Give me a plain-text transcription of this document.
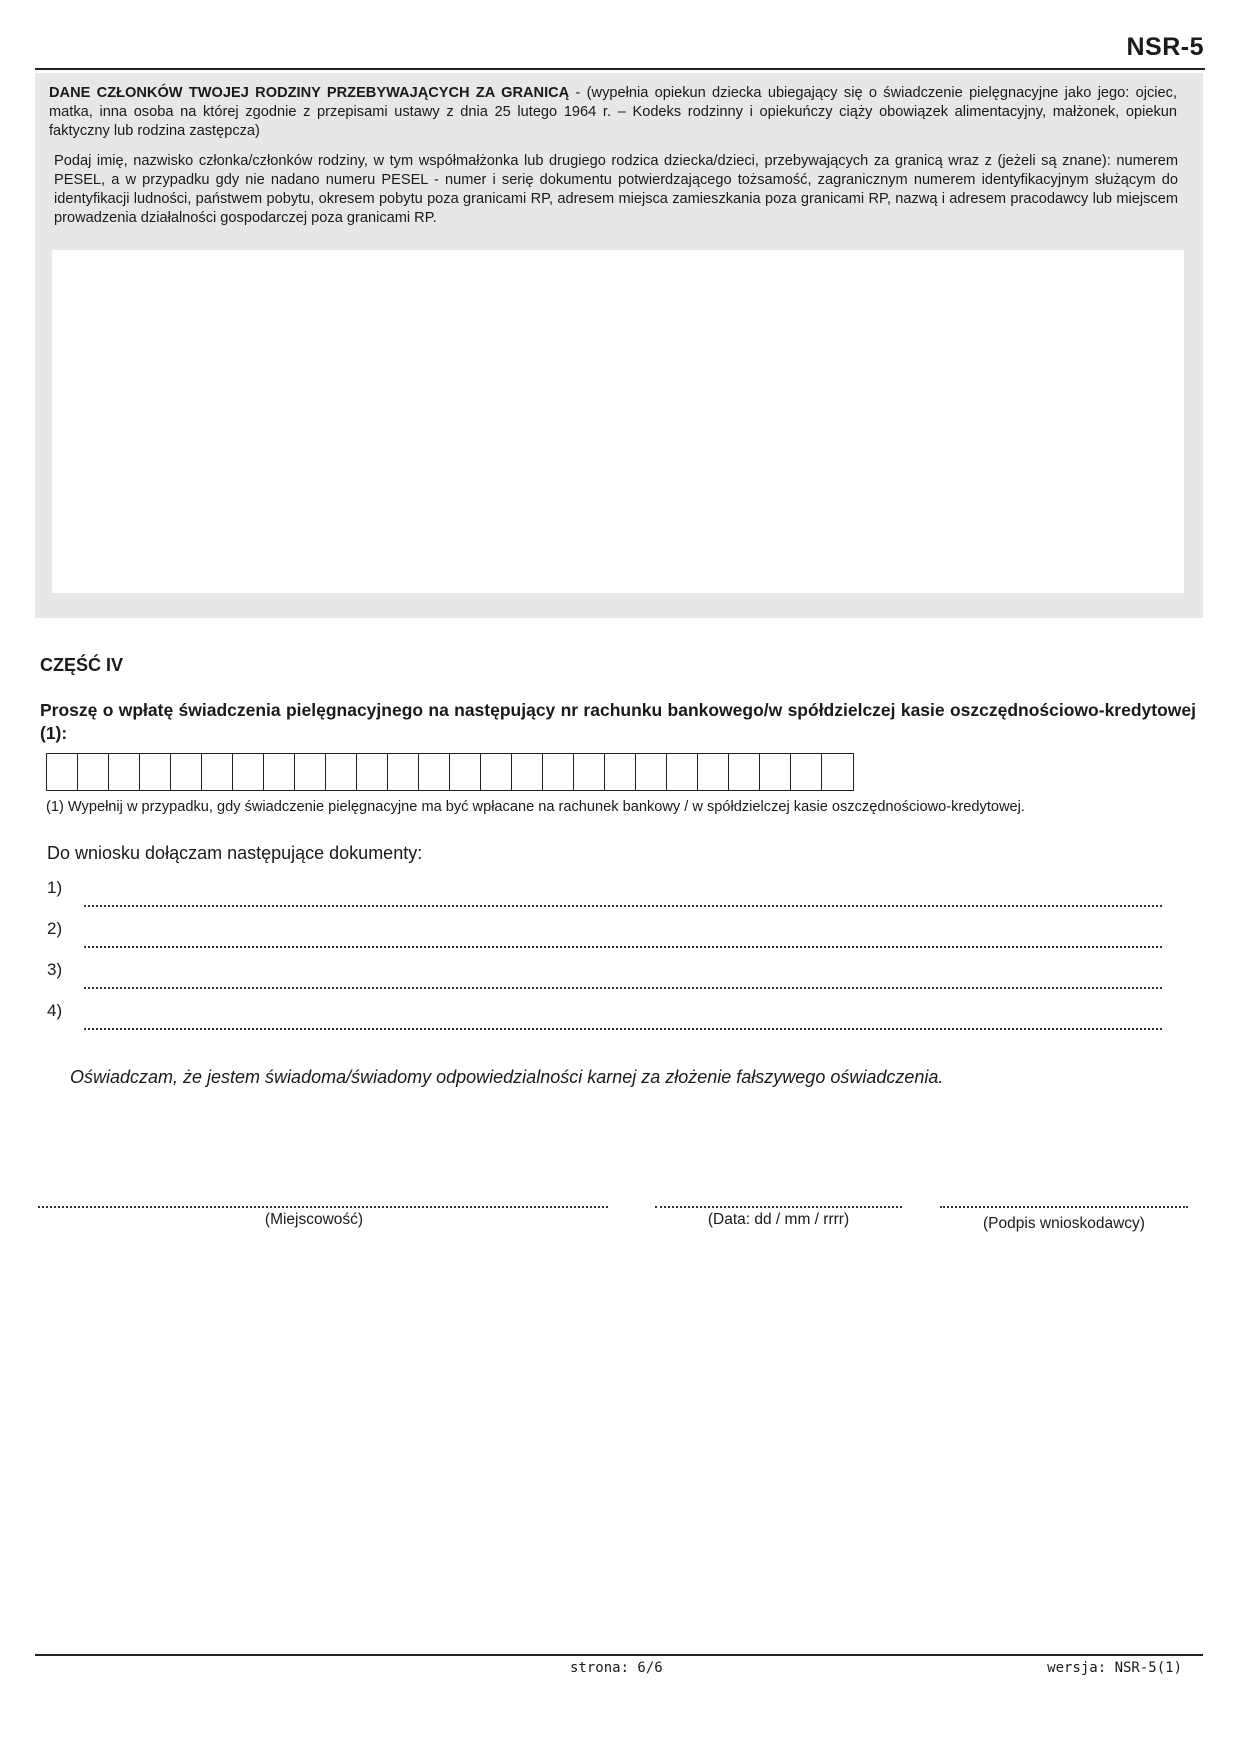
NSR-5
DANE CZŁONKÓW TWOJEJ RODZINY PRZEBYWAJĄCYCH ZA GRANICĄ - (wypełnia opiekun dziecka ubiegający się o świadczenie pielęgnacyjne jako jego: ojciec, matka, inna osoba na której zgodnie z przepisami ustawy z dnia 25 lutego 1964 r. – Kodeks rodzinny i opiekuńczy ciąży obowiązek alimentacyjny, małżonek, opiekun faktyczny lub rodzina zastępcza)
Podaj imię, nazwisko członka/członków rodziny, w tym współmałżonka lub drugiego rodzica dziecka/dzieci, przebywających za granicą wraz z (jeżeli są znane): numerem PESEL, a w przypadku gdy nie nadano numeru PESEL - numer i serię dokumentu potwierdzającego tożsamość, zagranicznym numerem identyfikacyjnym służącym do identyfikacji ludności, państwem pobytu, okresem pobytu poza granicami RP, adresem miejsca zamieszkania poza granicami RP, nazwą i adresem pracodawcy lub miejscem prowadzenia działalności gospodarczej poza granicami RP.
CZĘŚĆ IV
Proszę o wpłatę świadczenia pielęgnacyjnego na następujący nr rachunku bankowego/w spółdzielczej kasie oszczędnościowo-kredytowej (1):
(1) Wypełnij w przypadku, gdy świadczenie pielęgnacyjne ma być wpłacane na rachunek bankowy / w spółdzielczej kasie oszczędnościowo-kredytowej.
Do wniosku dołączam następujące dokumenty:
1)
2)
3)
4)
Oświadczam, że jestem świadoma/świadomy odpowiedzialności karnej za złożenie fałszywego oświadczenia.
(Miejscowość)	(Data: dd / mm / rrrr)	(Podpis wnioskodawcy)
strona: 6/6	wersja: NSR-5(1)
